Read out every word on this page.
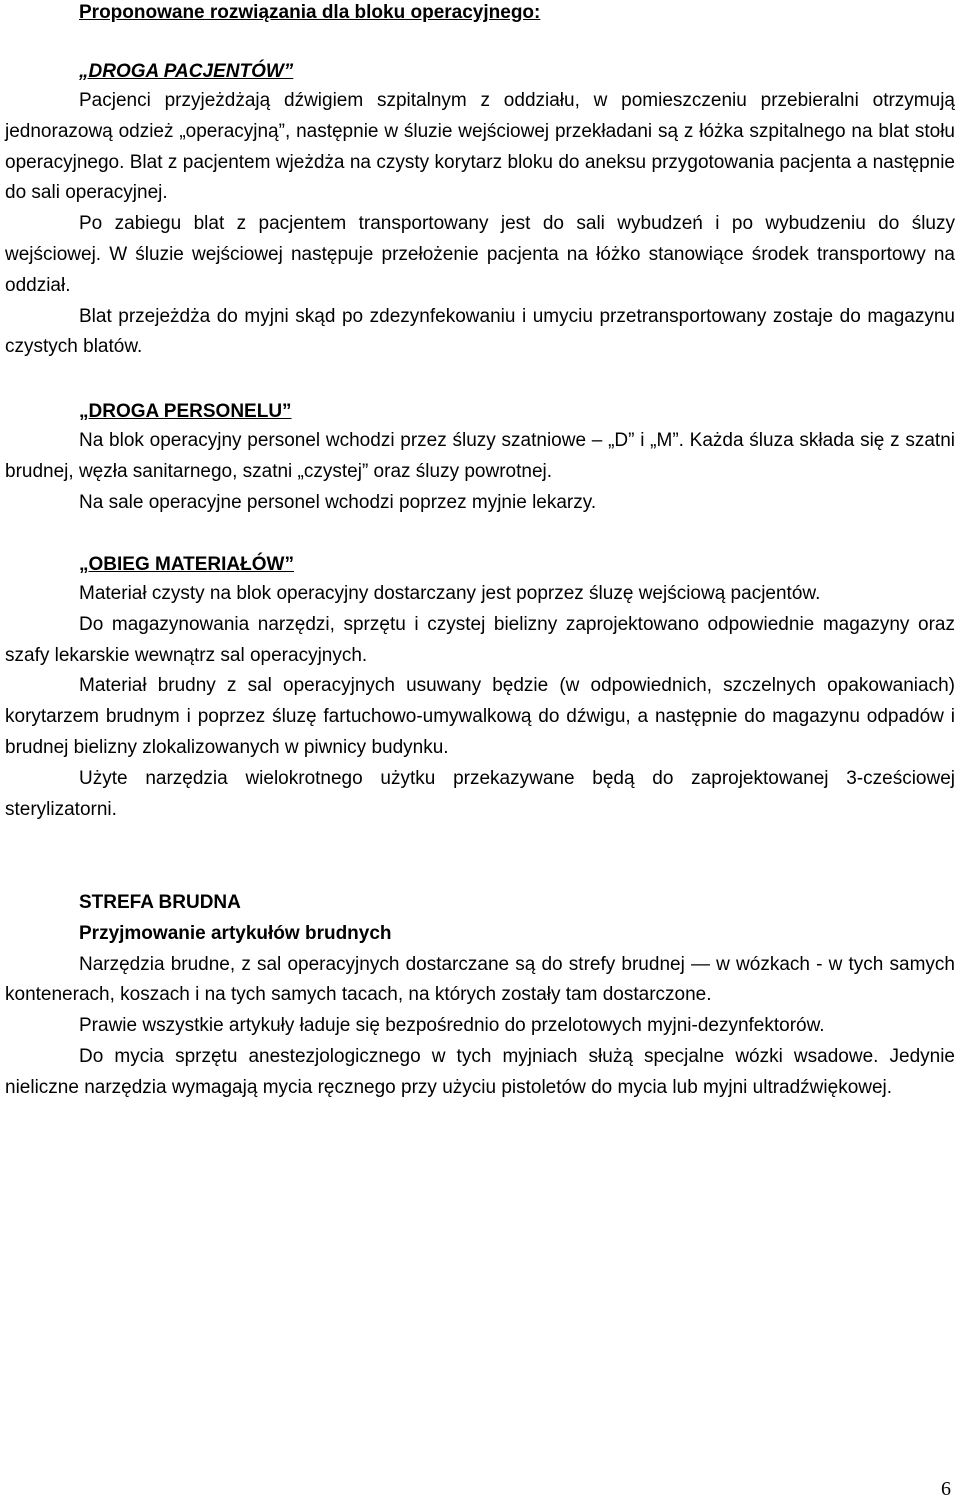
Proponowane rozwiązania dla bloku operacyjnego:
„DROGA PACJENTÓW”

Pacjenci przyjeżdżają dźwigiem szpitalnym z oddziału, w pomieszczeniu przebieralni otrzymują jednorazową odzież „operacyjną”, następnie w śluzie wejściowej przekładani są z łóżka szpitalnego na blat stołu operacyjnego. Blat z pacjentem wjeżdża na czysty korytarz bloku do aneksu przygotowania pacjenta a następnie do sali operacyjnej.

Po zabiegu blat z pacjentem transportowany jest do sali wybudzeń i po wybudzeniu do śluzy wejściowej. W śluzie wejściowej następuje przełożenie pacjenta na łóżko stanowiące środek transportowy na oddział.

Blat przejeżdża do myjni skąd po zdezynfekowaniu i umyciu przetransportowany zostaje do magazynu czystych blatów.

„DROGA PERSONELU”

Na blok operacyjny personel wchodzi przez śluzy szatniowe – „D” i „M”. Każda śluza składa się z szatni brudnej, węzła sanitarnego, szatni „czystej” oraz śluzy powrotnej.

Na sale operacyjne personel wchodzi poprzez myjnie lekarzy.

„OBIEG MATERIAŁÓW”

Materiał czysty na blok operacyjny dostarczany jest poprzez śluzę wejściową pacjentów.

Do magazynowania narzędzi, sprzętu i czystej bielizny zaprojektowano odpowiednie magazyny oraz szafy lekarskie wewnątrz sal operacyjnych.

Materiał brudny z sal operacyjnych usuwany będzie (w odpowiednich, szczelnych opakowaniach) korytarzem brudnym i poprzez śluzę fartuchowo-umywalkową do dźwigu, a następnie do magazynu odpadów i brudnej bielizny zlokalizowanych w piwnicy budynku.

Użyte narzędzia wielokrotnego użytku przekazywane będą do zaprojektowanej 3-cześciowej sterylizatorni.

STREFA BRUDNA
Przyjmowanie artykułów brudnych

Narzędzia brudne, z sal operacyjnych dostarczane są do strefy brudnej — w wózkach - w tych samych kontenerach, koszach i na tych samych tacach, na których zostały tam dostarczone.

Prawie wszystkie artykuły ładuje się bezpośrednio do przelotowych myjni-dezynfektorów.

Do mycia sprzętu anestezjologicznego w tych myjniach służą specjalne wózki wsadowe. Jedynie nieliczne narzędzia wymagają mycia ręcznego przy użyciu pistoletów do mycia lub myjni ultradźwiękowej.

6
